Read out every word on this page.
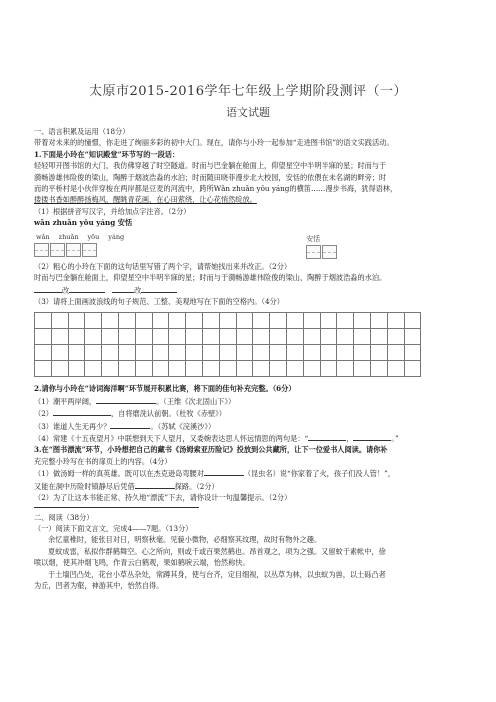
太原市2015-2016学年七年级上学期阶段测评（一）
语文试题
一、语言积累及运用（18分）
带着对未来的的憧憬，你走进了绚丽多彩的初中大门。现在，请你与小玲一起参加“走进图书馆”的语文实践活动。
1.下面是小玲在“知识殿堂”环节写的一段话：
轻轻叩开图书馆的大门，我仿佛穿越了时空隧道。时而与巴金躺在舱面上，仰望星空中半明半寐的星；时而与于
漪畅游雄伟险俊的梁山，陶醉于烟波浩淼的水泊；时而随田晓菲漫步北大校园，安恬的依偎在未名湖的畔旁；时
而的平桥村是小伙伴穿梭在两岸都是豆麦的河流中，跨所Wǎn zhuǎn yōu yáng的横笛……漫步书海，犹得语林，
搂搂书香如醉醉扬梅风，醒眺青花画，在心田萦绕，让心花悄然绽放。
（1）根据拼音写汉字，并给加点字注音。（2分）
wǎn zhuǎn yōu yáng 安恬
wǎn zhuǎn yōu yáng	安恬
（2）粗心的小玲在下面的这句话里写错了两个字，请帮她找出来并改正。（2分）
时而与巴金躺在舱面上，仰望星空中半明半寐的星；时而与于漪畅游雄伟险俊的梁山，陶醉于烟波浩淼的水泊。
改	改
（3）请将上面画波浪线的句子规范、工整、美观地写在下面的空格内。（4分）
2.请你与小玲在“诗词海洋啊”环节展开积累比赛，将下面的佳句补充完整。（6分）
（1）潮平两岸阔，	。（王维《次北固山下》）
（2）	，自将磨洗认前朝。（杜牧《赤壁》）
（3）谁道人生无再少？	。（苏轼《浣溪沙》）
（4）常建《十五夜望月》中联想到天下人望月，又委婉表达思人怀远情思的两句是：“	，	。”
3.在“图书漂流”环节，小玲想把自己的藏书《汤姆索亚历险记》投放到公共藏所，让下一位爱书人阅读。请你补
充完整小玲写在书的扉页上的内容。（4分）
（1）做汤姆一样的真英雄。既可以在杰克逊岛弯腰对	（昆虫名）说“你家着了火，孩子们没人管！”，
又能在洞中历险时镇静尽后凭借	探路。（2分）
（2）为了让这本书能正常、持久地“漂流”下去，请你设计一句温馨提示。（2分）
二、阅读（38分）
（一）阅读下面文言文，完成4——7题。（13分）
余忆童稚时，能张目对日，明察秋毫。见藐小微物，必细察其纹理，故时有物外之趣。
夏蚊成雷，私拟作群鹤舞空。心之所向，则或千或百果然鹤也。昂首观之，项为之强。又留蚊于素帐中，徐
喷以烟，使其冲烟飞鸣，作青云白鹤观，果如鹤唳云端，怡然称快。
于土墙凹凸处，花台小草丛杂处，常蹲其身，使与台齐，定目细视，以丛草为林，以虫蚁为兽，以土砾凸者
为丘，凹者为壑，神游其中，怡然自得。
